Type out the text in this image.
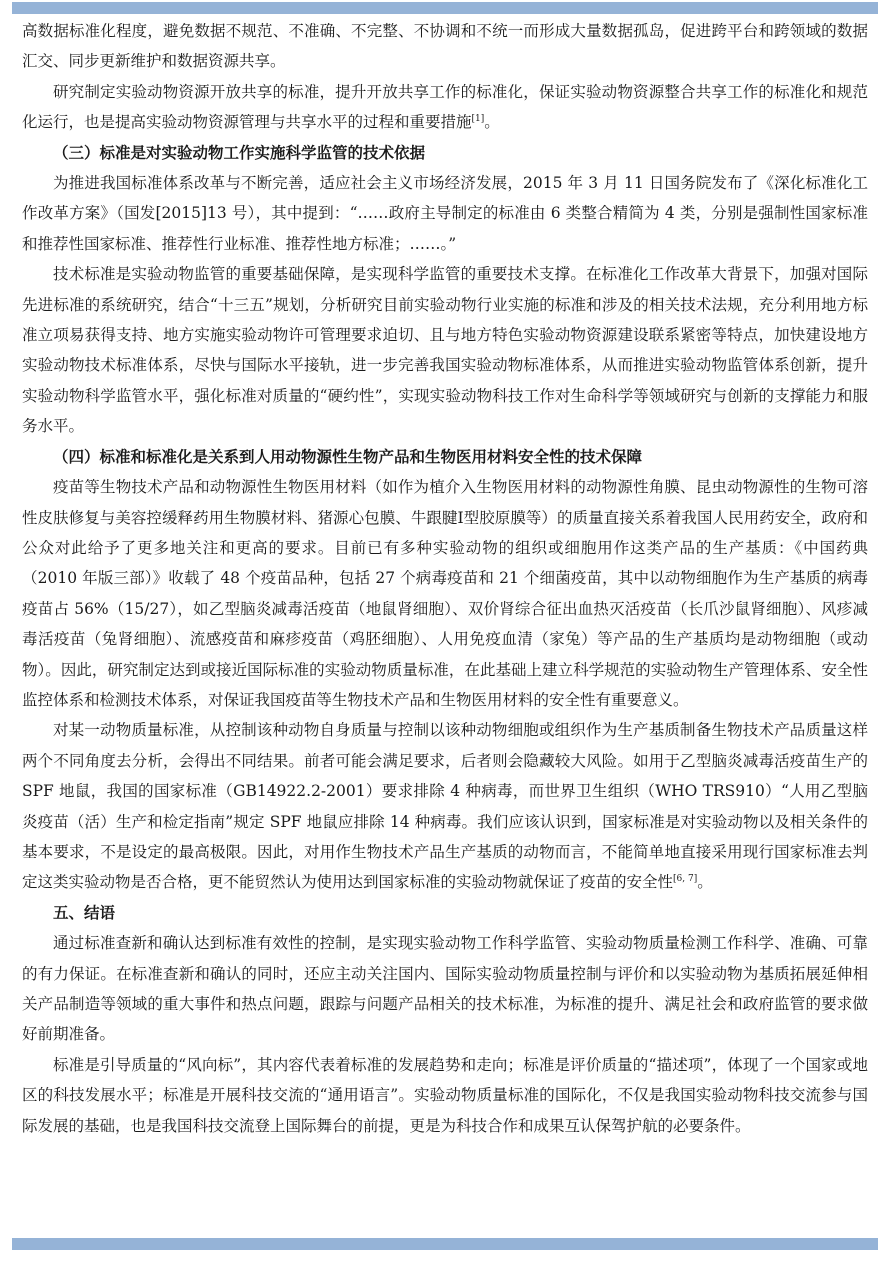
高数据标准化程度，避免数据不规范、不准确、不完整、不协调和不统一而形成大量数据孤岛，促进跨平台和跨领域的数据汇交、同步更新维护和数据资源共享。

研究制定实验动物资源开放共享的标准，提升开放共享工作的标准化，保证实验动物资源整合共享工作的标准化和规范化运行，也是提高实验动物资源管理与共享水平的过程和重要措施[1]。

（三）标准是对实验动物工作实施科学监管的技术依据

为推进我国标准体系改革与不断完善，适应社会主义市场经济发展，2015 年 3 月 11 日国务院发布了《深化标准化工作改革方案》（国发[2015]13 号），其中提到：“……政府主导制定的标准由 6 类整合精简为 4 类，分别是强制性国家标准和推荐性国家标准、推荐性行业标准、推荐性地方标准；……。”

技术标准是实验动物监管的重要基础保障，是实现科学监管的重要技术支撑。在标准化工作改革大背景下，加强对国际先进标准的系统研究，结合“十三五”规划，分析研究目前实验动物行业实施的标准和涉及的相关技术法规，充分利用地方标准立项易获得支持、地方实施实验动物许可管理要求迫切、且与地方特色实验动物资源建设联系紧密等特点，加快建设地方实验动物技术标准体系，尽快与国际水平接轨，进一步完善我国实验动物标准体系，从而推进实验动物监管体系创新，提升实验动物科学监管水平，强化标准对质量的“硬约性”，实现实验动物科技工作对生命科学等领域研究与创新的支撑能力和服务水平。

（四）标准和标准化是关系到人用动物源性生物产品和生物医用材料安全性的技术保障

疫苗等生物技术产品和动物源性生物医用材料（如作为植介入生物医用材料的动物源性角膜、昆虫动物源性的生物可溶性皮肤修复与美容控缓释药用生物膜材料、猪源心包膜、牛跟腱Ⅰ型胶原膜等）的质量直接关系着我国人民用药安全，政府和公众对此给予了更多地关注和更高的要求。目前已有多种实验动物的组织或细胞用作这类产品的生产基质：《中国药典（2010 年版三部）》收载了 48 个疫苗品种，包括 27 个病毒疫苗和 21 个细菌疫苗，其中以动物细胞作为生产基质的病毒疫苗占 56%（15/27），如乙型脑炎减毒活疫苗（地鼠肾细胞）、双价肾综合征出血热灭活疫苗（长爪沙鼠肾细胞）、风疹减毒活疫苗（兔肾细胞）、流感疫苗和麻疹疫苗（鸡胚细胞）、人用免疫血清（家兔）等产品的生产基质均是动物细胞（或动物）。因此，研究制定达到或接近国际标准的实验动物质量标准，在此基础上建立科学规范的实验动物生产管理体系、安全性监控体系和检测技术体系，对保证我国疫苗等生物技术产品和生物医用材料的安全性有重要意义。

对某一动物质量标准，从控制该种动物自身质量与控制以该种动物细胞或组织作为生产基质制备生物技术产品质量这样两个不同角度去分析，会得出不同结果。前者可能会满足要求，后者则会隐藏较大风险。如用于乙型脑炎减毒活疫苗生产的 SPF 地鼠，我国的国家标准（GB14922.2-2001）要求排除 4 种病毒，而世界卫生组织（WHO TRS910）“人用乙型脑炎疫苗（活）生产和检定指南”规定 SPF 地鼠应排除 14 种病毒。我们应该认识到，国家标准是对实验动物以及相关条件的基本要求，不是设定的最高极限。因此，对用作生物技术产品生产基质的动物而言，不能简单地直接采用现行国家标准去判定这类实验动物是否合格，更不能贸然认为使用达到国家标准的实验动物就保证了疫苗的安全性[6, 7]。

五、结语

通过标准查新和确认达到标准有效性的控制，是实现实验动物工作科学监管、实验动物质量检测工作科学、准确、可靠的有力保证。在标准查新和确认的同时，还应主动关注国内、国际实验动物质量控制与评价和以实验动物为基质拓展延伸相关产品制造等领域的重大事件和热点问题，跟踪与问题产品相关的技术标准，为标准的提升、满足社会和政府监管的要求做好前期准备。

标准是引导质量的“风向标”，其内容代表着标准的发展趋势和走向；标准是评价质量的“描述项”，体现了一个国家或地区的科技发展水平；标准是开展科技交流的“通用语言”。实验动物质量标准的国际化，不仅是我国实验动物科技交流参与国际发展的基础，也是我国科技交流登上国际舞台的前提，更是为科技合作和成果互认保驾护航的必要条件。
